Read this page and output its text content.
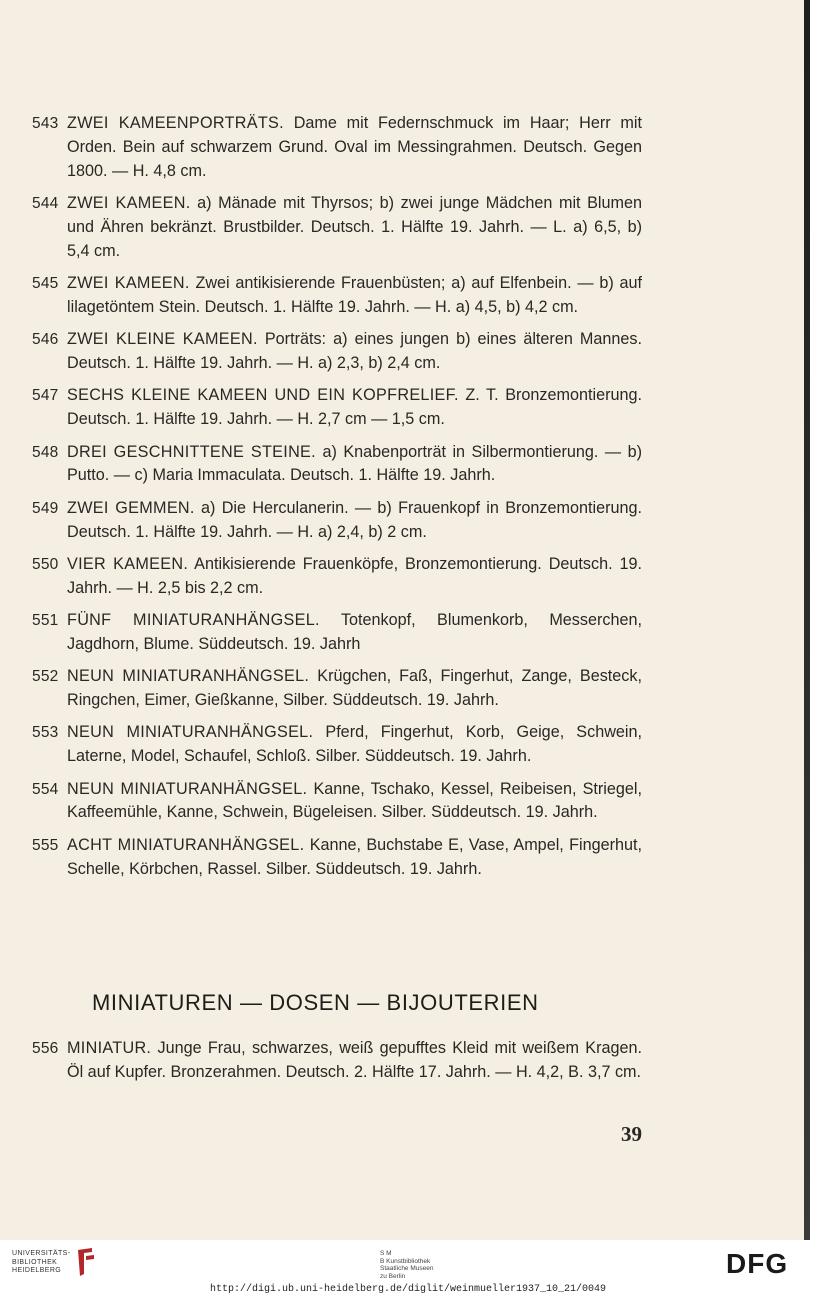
543 ZWEI KAMEENPORTRÄTS. Dame mit Federnschmuck im Haar; Herr mit Orden. Bein auf schwarzem Grund. Oval im Messingrahmen. Deutsch. Gegen 1800. — H. 4,8 cm.
544 ZWEI KAMEEN. a) Mänade mit Thyrsos; b) zwei junge Mädchen mit Blumen und Ähren bekränzt. Brustbilder. Deutsch. 1. Hälfte 19. Jahrh. — L. a) 6,5, b) 5,4 cm.
545 ZWEI KAMEEN. Zwei antikisierende Frauenbüsten; a) auf Elfenbein. — b) auf lilagetöntem Stein. Deutsch. 1. Hälfte 19. Jahrh. — H. a) 4,5, b) 4,2 cm.
546 ZWEI KLEINE KAMEEN. Porträts: a) eines jungen b) eines älteren Mannes. Deutsch. 1. Hälfte 19. Jahrh. — H. a) 2,3, b) 2,4 cm.
547 SECHS KLEINE KAMEEN UND EIN KOPFRELIEF. Z. T. Bronzemontierung. Deutsch. 1. Hälfte 19. Jahrh. — H. 2,7 cm — 1,5 cm.
548 DREI GESCHNITTENE STEINE. a) Knabenporträt in Silbermontierung. — b) Putto. — c) Maria Immaculata. Deutsch. 1. Hälfte 19. Jahrh.
549 ZWEI GEMMEN. a) Die Herculanerin. — b) Frauenkopf in Bronzemontierung. Deutsch. 1. Hälfte 19. Jahrh. — H. a) 2,4, b) 2 cm.
550 VIER KAMEEN. Antikisierende Frauenköpfe, Bronzemontierung. Deutsch. 19. Jahrh. — H. 2,5 bis 2,2 cm.
551 FÜNF MINIATURANHÄNGSEL. Totenkopf, Blumenkorb, Messerchen, Jagdhorn, Blume. Süddeutsch. 19. Jahrh
552 NEUN MINIATURANHÄNGSEL. Krügchen, Faß, Fingerhut, Zange, Besteck, Ringchen, Eimer, Gießkanne, Silber. Süddeutsch. 19. Jahrh.
553 NEUN MINIATURANHÄNGSEL. Pferd, Fingerhut, Korb, Geige, Schwein, Laterne, Model, Schaufel, Schloß. Silber. Süddeutsch. 19. Jahrh.
554 NEUN MINIATURANHÄNGSEL. Kanne, Tschako, Kessel, Reibeisen, Striegel, Kaffeemühle, Kanne, Schwein, Bügeleisen. Silber. Süddeutsch. 19. Jahrh.
555 ACHT MINIATURANHÄNGSEL. Kanne, Buchstabe E, Vase, Ampel, Fingerhut, Schelle, Körbchen, Rassel. Silber. Süddeutsch. 19. Jahrh.
MINIATUREN — DOSEN — BIJOUTERIEN
556 MINIATUR. Junge Frau, schwarzes, weiß gepufftes Kleid mit weißem Kragen. Öl auf Kupfer. Bronzerahmen. Deutsch. 2. Hälfte 17. Jahrh. — H. 4,2, B. 3,7 cm.
39
UNIVERSITÄTS-
BIBLIOTHEK
HEIDELBERG
S M
B Kunstbibliothek
Staatliche Museen
zu Berlin	DFG
http://digi.ub.uni-heidelberg.de/diglit/weinmueller1937_10_21/0049
